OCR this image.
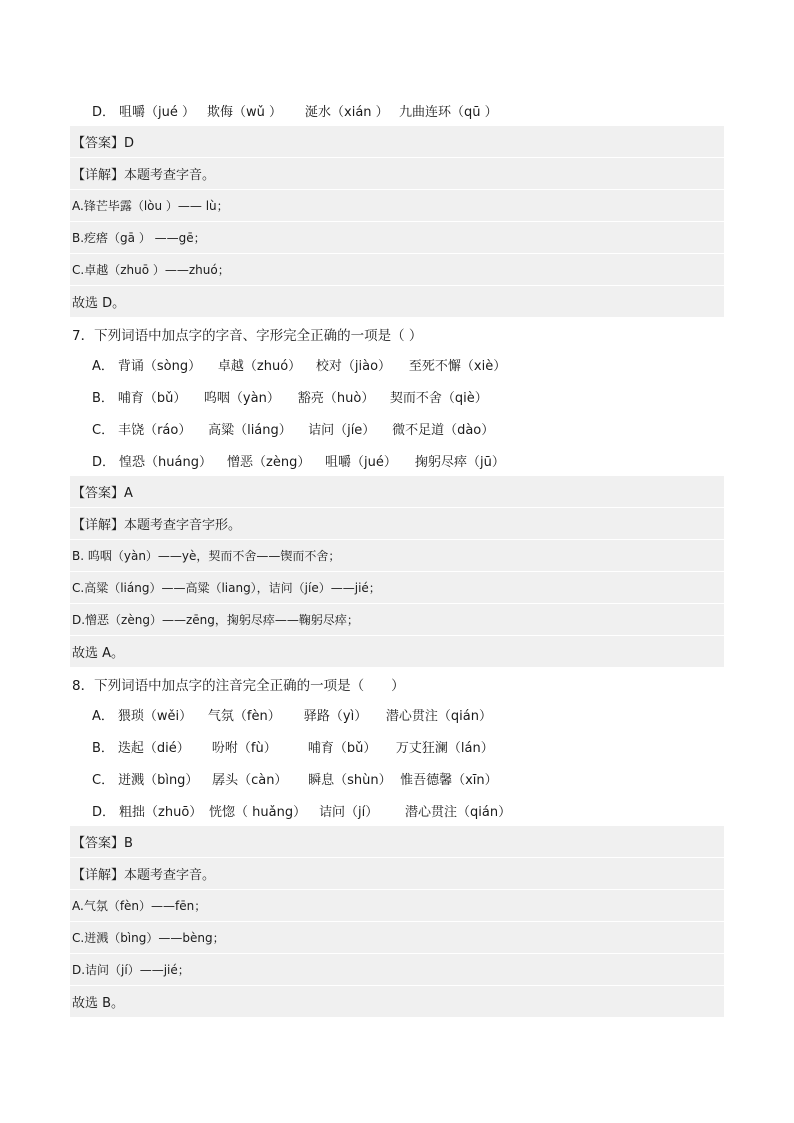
D． 咀嚼（jué ） 欺侮（wǔ ）	涎水（xián ） 九曲连环（qū ）
【答案】D
【详解】本题考查字音。
A.锋芒毕露（lòu ）—— lù；
B.疙瘩（gā ） ——gē；
C.卓越（zhuō ）——zhuó；
故选 D。
7．下列词语中加点字的字音、字形完全正确的一项是（ ）
A． 背诵（sòng）	卓越（zhuó）	校对（jiào）	至死不懈（xiè）
B． 哺育（bǔ）	呜咽（yàn）	豁亮（huò）	契而不舍（qiè）
C． 丰饶（ráo）	高粱（liáng）	诘问（jíe）	微不足道（dào）
D． 惶恐（huáng）	憎恶（zèng）	咀嚼（jué）	掬躬尽瘁（jū）
【答案】A
【详解】本题考查字音字形。
B. 呜咽（yàn）——yè，契而不舍——锲而不舍；
C.高粱（liáng）——高粱（liang），诘问（jíe）——jié；
D.憎恶（zèng）——zēng，掬躬尽瘁——鞠躬尽瘁；
故选 A。
8．下列词语中加点字的注音完全正确的一项是（　　）
A． 猥琐（wěi）	气氛（fèn）	驿路（yì）	潜心贯注（qián）
B． 迭起（dié）	吩咐（fù）	哺育（bǔ）	万丈狂澜（lán）
C． 迸溅（bìng）	孱头（càn）	瞬息（shùn） 惟吾德馨（xīn）
D． 粗拙（zhuō） 恍惚（ huǎng） 诘问（jí）	潜心贯注（qián）
【答案】B
【详解】本题考查字音。
A.气氛（fèn）——fēn；
C.迸溅（bìng）——bèng；
D.诘问（jí）——jié；
故选 B。
